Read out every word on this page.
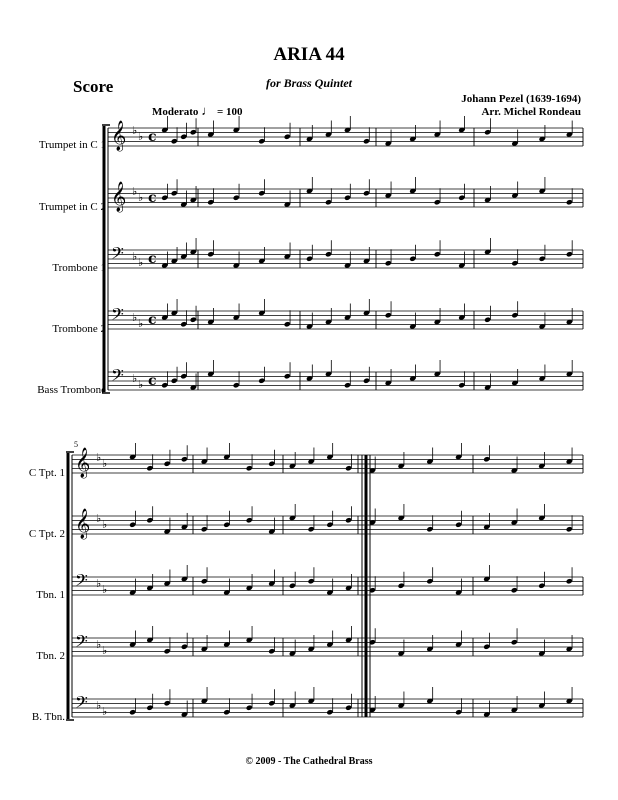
ARIA 44
for Brass Quintet
Score
Johann Pezel (1639-1694)
Arr. Michel Rondeau
Moderato ♩ = 100
Trumpet in C 1
Trumpet in C 2
Trombone 1
Trombone 2
Bass Trombone
C Tpt. 1
C Tpt. 2
Tbn. 1
Tbn. 2
B. Tbn.
5
𝄞 ♭ ♭
𝄞 ♭ ♭
𝄢 ♭ ♭
𝄢 ♭ ♭
𝄢 ♭ ♭
c
c
c
c
c
𝄞 ♭ ♭
𝄞 ♭ ♭
𝄢 ♭ ♭
𝄢 ♭ ♭
𝄢 ♭ ♭
© 2009 - The Cathedral Brass
